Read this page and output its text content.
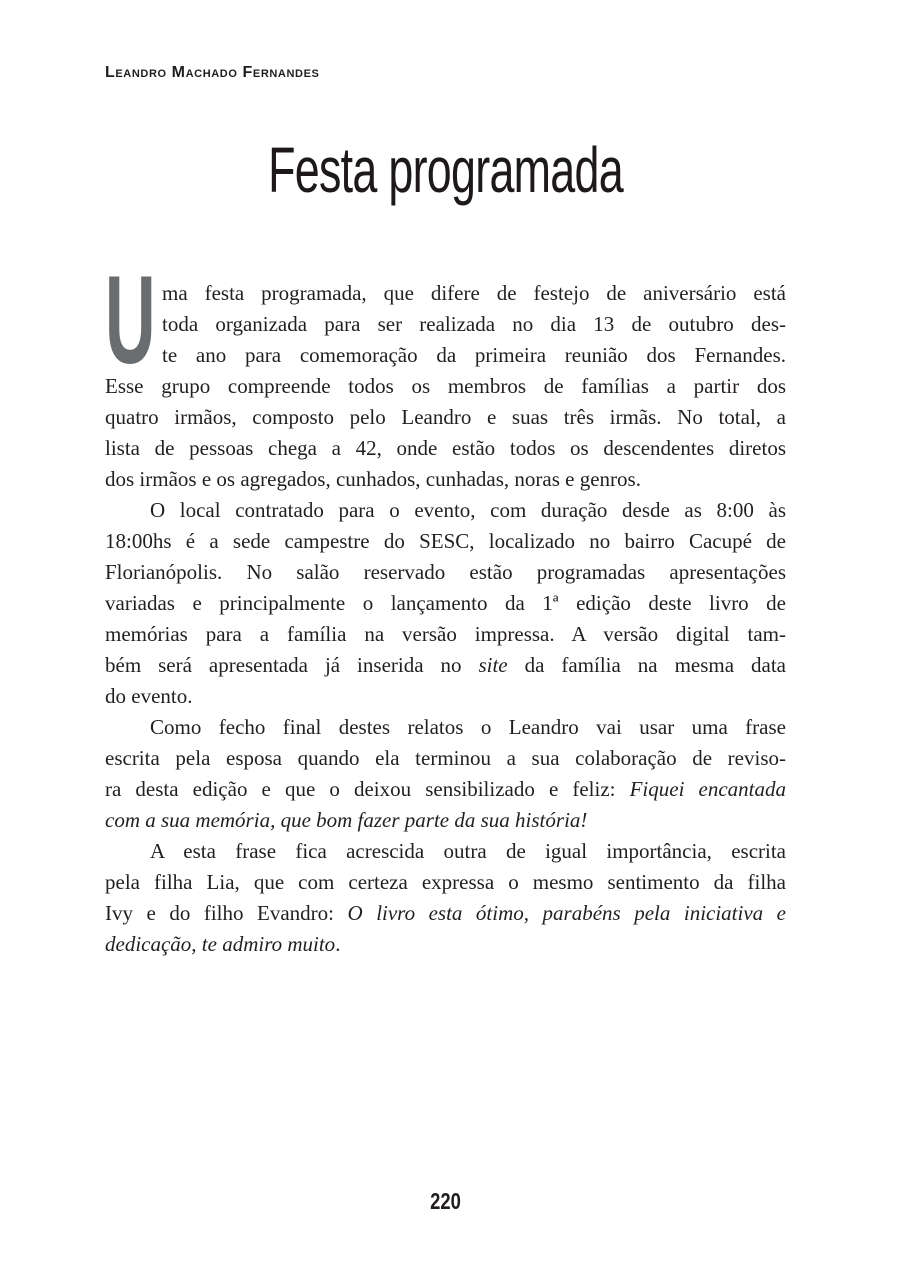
Leandro Machado Fernandes
Festa programada
U ma festa programada, que difere de festejo de aniversário está
toda organizada para ser realizada no dia 13 de outubro des-
te ano para comemoração da primeira reunião dos Fernandes.
Esse grupo compreende todos os membros de famílias a partir dos
quatro irmãos, composto pelo Leandro e suas três irmãs. No total, a
lista de pessoas chega a 42, onde estão todos os descendentes diretos
dos irmãos e os agregados, cunhados, cunhadas, noras e genros.
O local contratado para o evento, com duração desde as 8:00 às
18:00hs é a sede campestre do SESC, localizado no bairro Cacupé de
Florianópolis. No salão reservado estão programadas apresentações
variadas e principalmente o lançamento da 1ª edição deste livro de
memórias para a família na versão impressa. A versão digital tam-
bém será apresentada já inserida no site da família na mesma data
do evento.
Como fecho final destes relatos o Leandro vai usar uma frase
escrita pela esposa quando ela terminou a sua colaboração de reviso-
ra desta edição e que o deixou sensibilizado e feliz: Fiquei encantada
com a sua memória, que bom fazer parte da sua história!
A esta frase fica acrescida outra de igual importância, escrita
pela filha Lia, que com certeza expressa o mesmo sentimento da filha
Ivy e do filho Evandro: O livro esta ótimo, parabéns pela iniciativa e
dedicação, te admiro muito.
220
